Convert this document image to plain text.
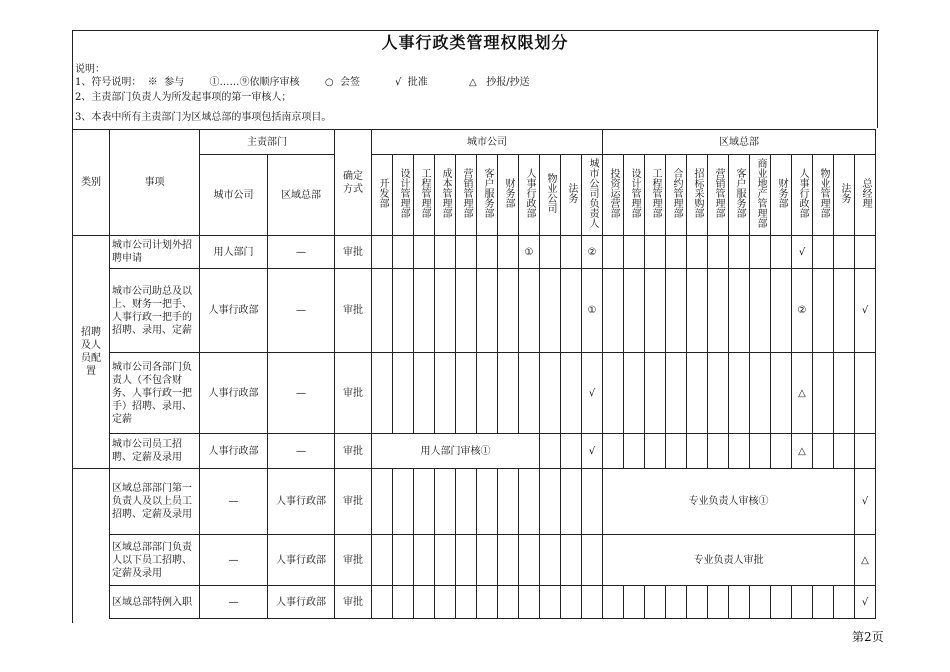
人事行政类管理权限划分
说明：
1、符号说明：  ※  参与        ①……⑨依顺序审核        ○  会签           √  批准             △   抄报/抄送
2、主责部门负责人为所发起事项的第一审核人；
3、本表中所有主责部门为区域总部的事项包括南京项目。
类别	事项	主责部门		确定方式	城市公司											区域总部												
		城市公司	区域总部		开发部	设计管理部	工程管理部	成本管理部	营销管理部	客户服务部	财务部	人事行政部	物业公司	法务	城市公司负责人	投资运营部	设计管理部	工程管理部	合约管理部	招标采购部	营销管理部	客户服务部	商业地产管理部	财务部	人事行政部	物业管理部	法务	总经理
招聘及人员配置	城市公司计划外招聘申请	用人部门	—	审批								①			②										√			
	城市公司助总及以上、财务一把手、人事行政一把手的招聘、录用、定薪	人事行政部	—	审批											①										②			√
	城市公司各部门负责人（不包含财务、人事行政一把手）招聘、录用、定薪	人事行政部	—	审批											√										△			
	城市公司员工招聘、定薪及录用	人事行政部	—	审批	用人部门审核①										√										△			
	区域总部部门第一负责人及以上员工招聘、定薪及录用	—	人事行政部	审批												专业负责人审核①												√
	区域总部部门负责人以下员工招聘、定薪及录用	—	人事行政部	审批												专业负责人审批												△
	区域总部特例入职	—	人事行政部	审批																								√
第2页
